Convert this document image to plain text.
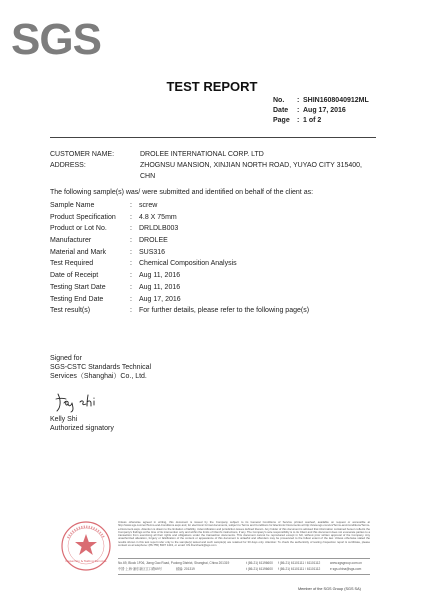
SGS
TEST REPORT
No. : SHIN1608040912ML
Date : Aug 17, 2016
Page : 1 of 2
CUSTOMER NAME:	DROLEE INTERNATIONAL CORP. LTD
ADDRESS:	ZHOGNSU MANSION, XINJIAN NORTH ROAD, YUYAO CITY 315400,
CHN
The following sample(s) was/ were submitted and identified on behalf of the client as:
Sample Name	: screw
Product Specification : 4.8 X 75mm
Product or Lot No.	: DRLDLB003
Manufacturer	: DROLEE
Material and Mark	: SUS316
Test Required	: Chemical Composition Analysis
Date of Receipt	: Aug 11, 2016
Testing Start Date	: Aug 11, 2016
Testing End Date	: Aug 17, 2016
Test result(s)	: For further details, please refer to the following page(s)
Signed for
SGS-CSTC Standards Technical
Services（Shanghai）Co., Ltd.
Kelly Shi
Authorized signatory
Inspection & Testing Services
Unless otherwise agreed in writing, this document is issued by the Company subject to its General Conditions of Service printed overleaf, available on request or accessible at http://www.sgs.com/en/Terms-and-Conditions.aspx and, for electronic format documents, subject to Terms and Conditions for Electronic Documents at http://www.sgs.com/en/Terms-and-Conditions/Terms-e-Document.aspx. Attention is drawn to the limitation of liability, indemnification and jurisdiction issues defined therein. Any holder of this document is advised that information contained hereon reflects the Company's findings at the time of its intervention only and within the limits of Client's instructions, if any. The Company's sole responsibility is to its Client and this document does not exonerate parties to a transaction from exercising all their rights and obligations under the transaction documents. This document cannot be reproduced except in full, without prior written approval of the Company. Any unauthorized alteration, forgery or falsification of the content or appearance of this document is unlawful and offenders may be prosecuted to the fullest extent of the law. Unless otherwise stated the results shown in this test report refer only to the sample(s) tested and such sample(s) are retained for 30 days only. Attention: To check the authenticity of testing /inspection report & certificate, please contact us at telephone: (86-755) 8307 1443, or email: CN.Doccheck@sgs.com
No.69, Block 1F06, Jiang Gao Road, Pudong District, Shanghai, China 201319	t (86-21) 61196600 f (86-21) 61101111 / 61101112	www.sgsgroup.com.cn
中国·上海·浦东新区江口路69号	邮编: 201319	t (86-21) 61196600 f (86-21) 61101111 / 61101112	e sgs.china@sgs.com
Member of the SGS Group (SGS SA)
